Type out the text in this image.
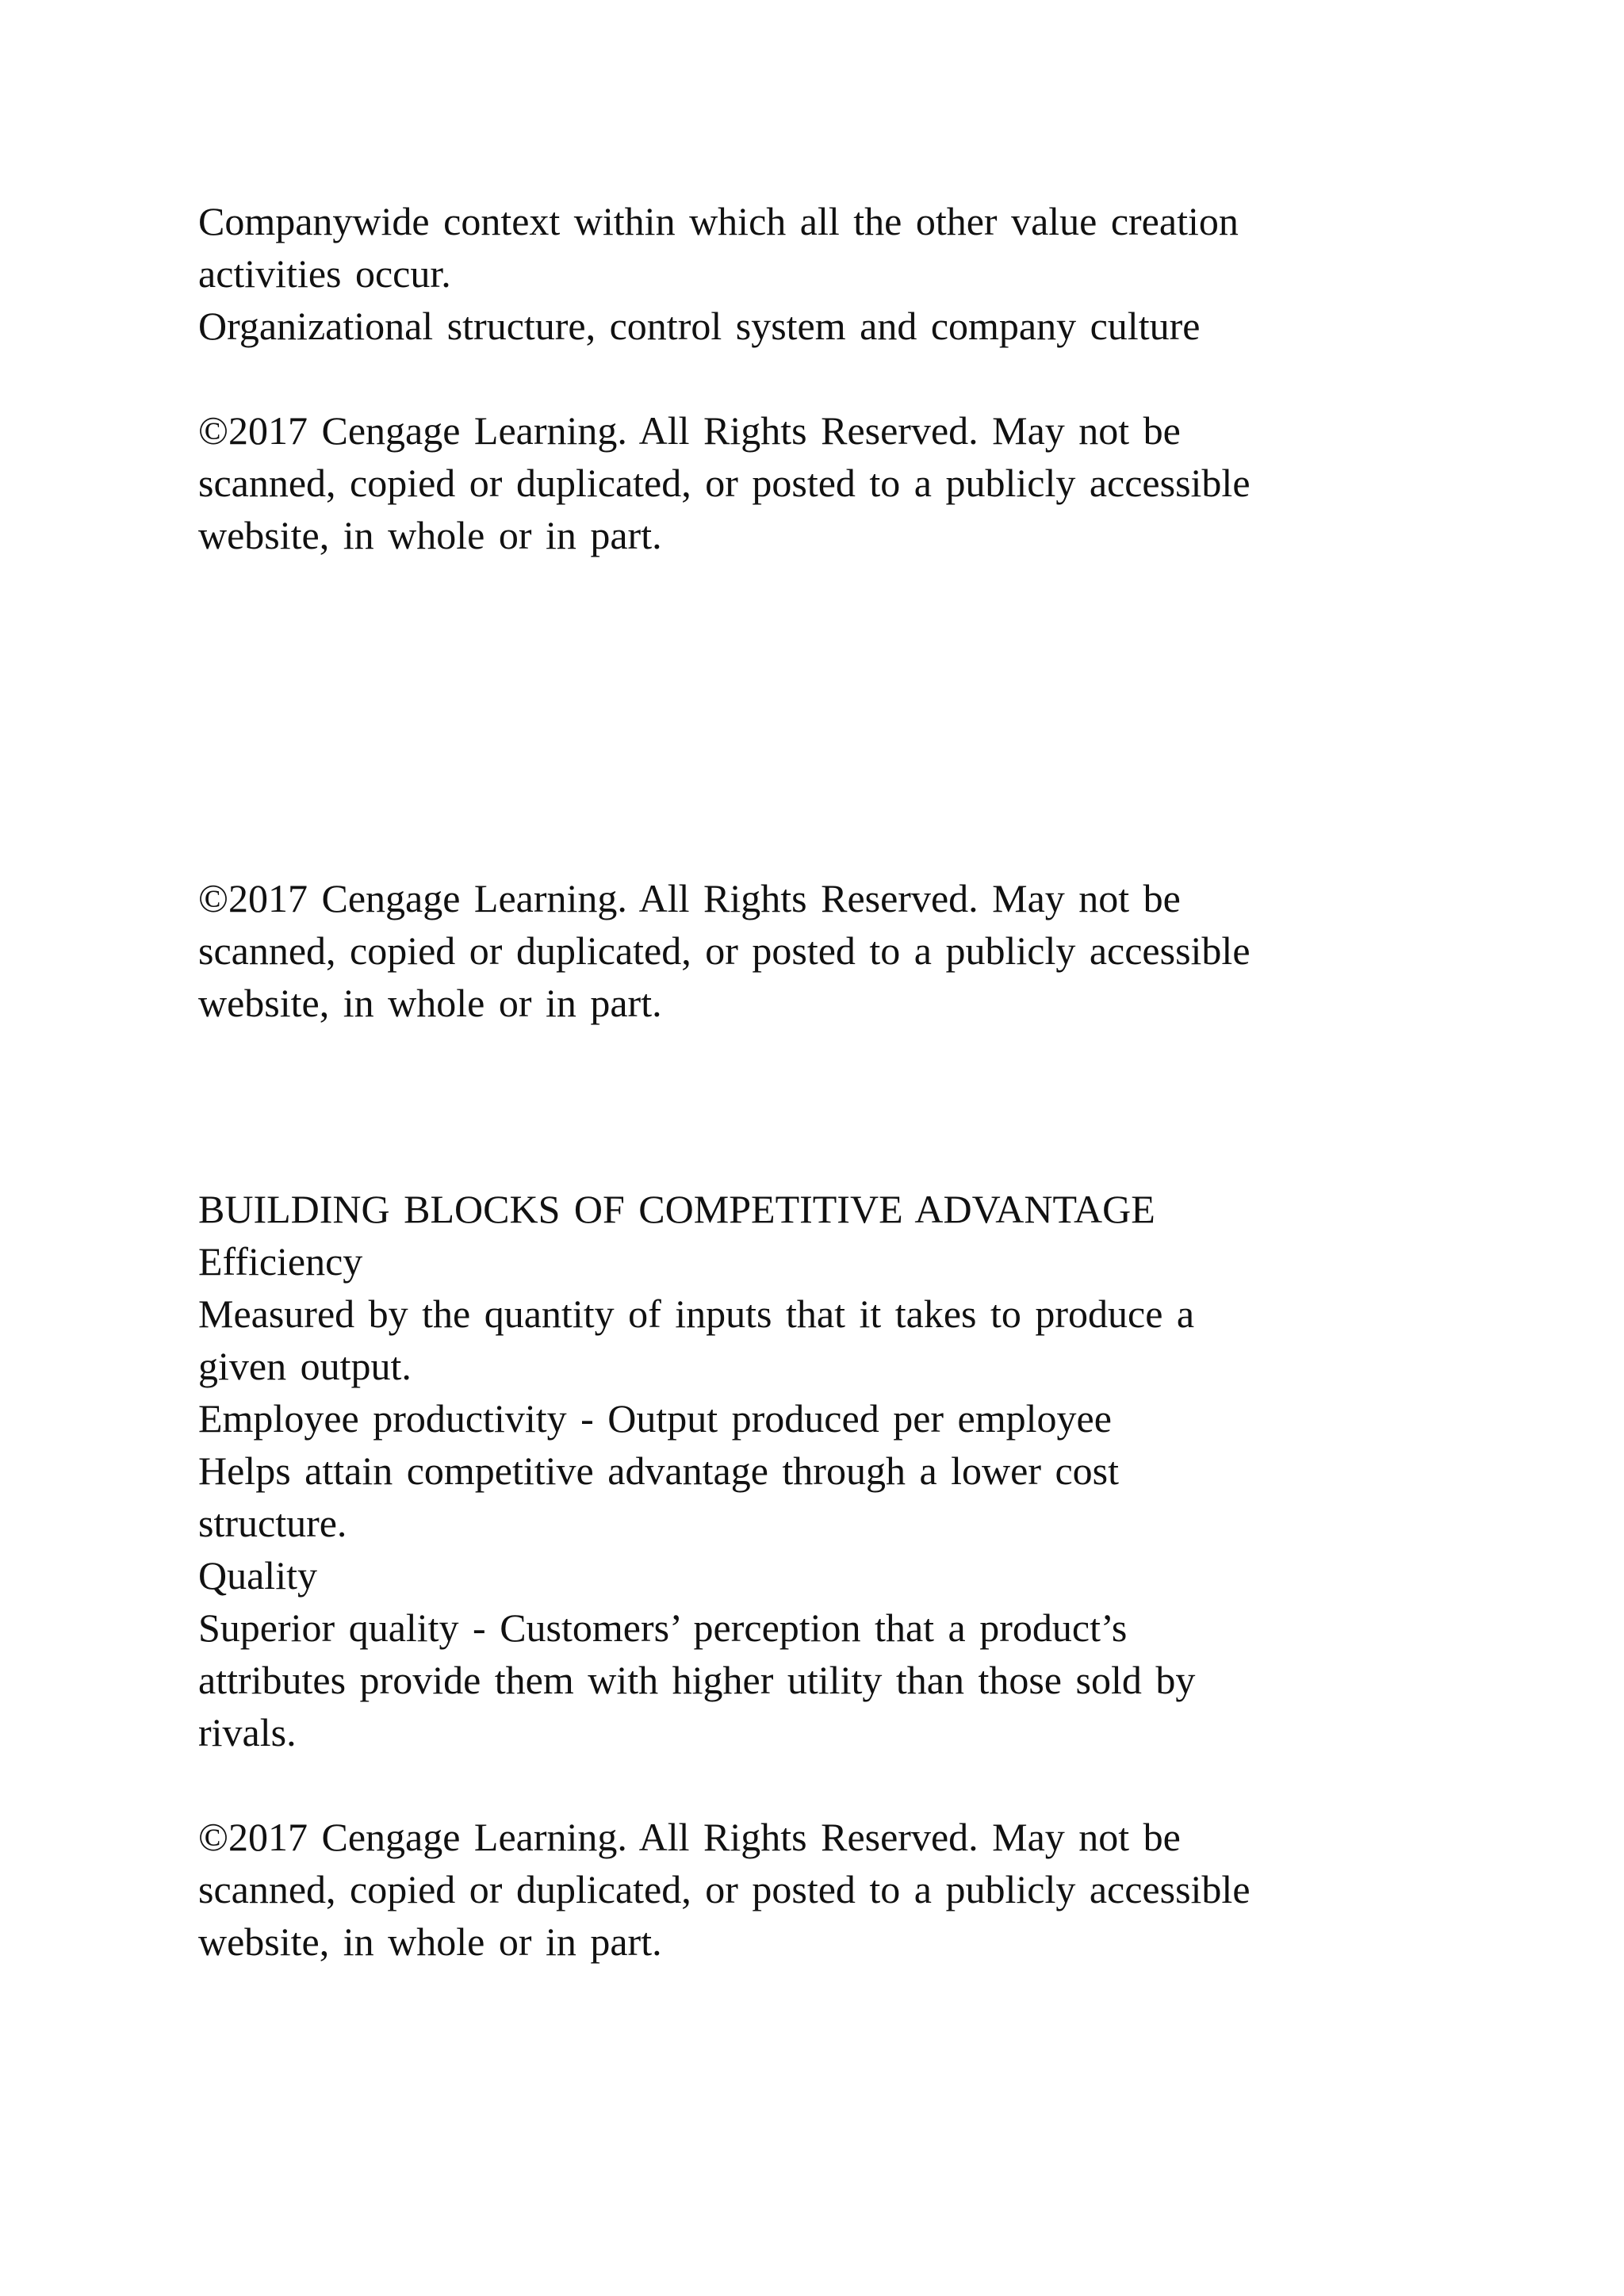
Companywide context within which all the other value creation

activities occur.

Organizational structure, control system and company culture

©2017 Cengage Learning. All Rights Reserved. May not be

scanned, copied or duplicated, or posted to a publicly accessible

website, in whole or in part.

©2017 Cengage Learning. All Rights Reserved. May not be

scanned, copied or duplicated, or posted to a publicly accessible

website, in whole or in part.

BUILDING BLOCKS OF COMPETITIVE ADVANTAGE

Efficiency

Measured by the quantity of inputs that it takes to produce a

given output.

Employee productivity - Output produced per employee

Helps attain competitive advantage through a lower cost

structure.

Quality

Superior quality - Customers’ perception that a product’s

attributes provide them with higher utility than those sold by

rivals.

©2017 Cengage Learning. All Rights Reserved. May not be

scanned, copied or duplicated, or posted to a publicly accessible

website, in whole or in part.
